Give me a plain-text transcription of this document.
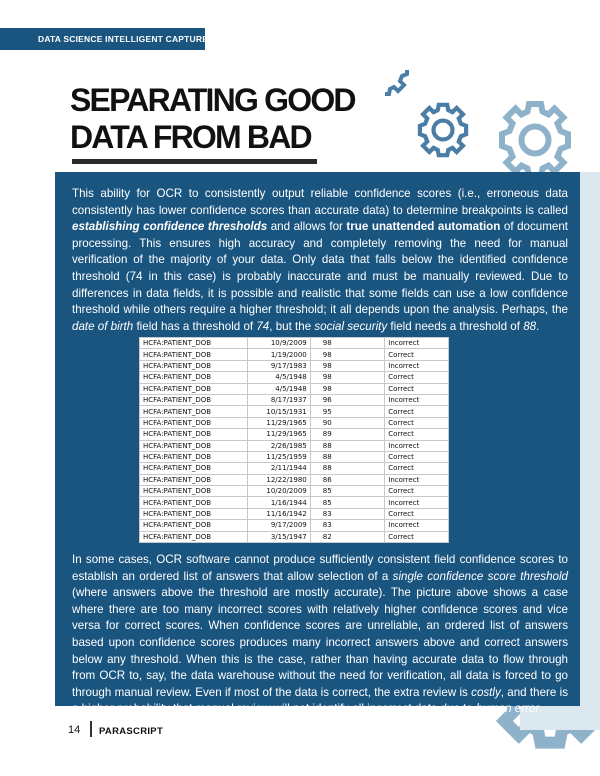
DATA SCIENCE INTELLIGENT CAPTURE
SEPARATING GOOD
DATA FROM BAD

This ability for OCR to consistently output reliable confidence scores (i.e., erroneous data consistently has lower confidence scores than accurate data) to determine breakpoints is called establishing confidence thresholds and allows for true unattended automation of document processing. This ensures high accuracy and completely removing the need for manual verification of the majority of your data. Only data that falls below the identified confidence threshold (74 in this case) is probably inaccurate and must be manually reviewed. Due to differences in data fields, it is possible and realistic that some fields can use a low confidence threshold while others require a higher threshold; it all depends upon the analysis. Perhaps, the date of birth field has a threshold of 74, but the social security field needs a threshold of 88.

HCFA:PATIENT_DOB	10/9/2009	98	Incorrect
HCFA:PATIENT_DOB	1/19/2000	98	Correct
HCFA:PATIENT_DOB	9/17/1983	98	Incorrect
HCFA:PATIENT_DOB	4/5/1948	98	Correct
HCFA:PATIENT_DOB	4/5/1948	98	Correct
HCFA:PATIENT_DOB	8/17/1937	96	Incorrect
HCFA:PATIENT_DOB	10/15/1931	95	Correct
HCFA:PATIENT_DOB	11/29/1965	90	Correct
HCFA:PATIENT_DOB	11/29/1965	89	Correct
HCFA:PATIENT_DOB	2/26/1985	88	Incorrect
HCFA:PATIENT_DOB	11/25/1959	88	Correct
HCFA:PATIENT_DOB	2/11/1944	88	Correct
HCFA:PATIENT_DOB	12/22/1980	86	Incorrect
HCFA:PATIENT_DOB	10/20/2009	85	Correct
HCFA:PATIENT_DOB	1/16/1944	85	Incorrect
HCFA:PATIENT_DOB	11/16/1942	83	Correct
HCFA:PATIENT_DOB	9/17/2009	83	Incorrect
HCFA:PATIENT_DOB	3/15/1947	82	Correct

In some cases, OCR software cannot produce sufficiently consistent field confidence scores to establish an ordered list of answers that allow selection of a single confidence score threshold (where answers above the threshold are mostly accurate). The picture above shows a case where there are too many incorrect scores with relatively higher confidence scores and vice versa for correct scores. When confidence scores are unreliable, an ordered list of answers based upon confidence scores produces many incorrect answers above and correct answers below any threshold. When this is the case, rather than having accurate data to flow through from OCR to, say, the data warehouse without the need for verification, all data is forced to go through manual review. Even if most of the data is correct, the extra review is costly, and there is a higher probability that manual review will not identify all incorrect data due to human error.

14 PARASCRIPT
